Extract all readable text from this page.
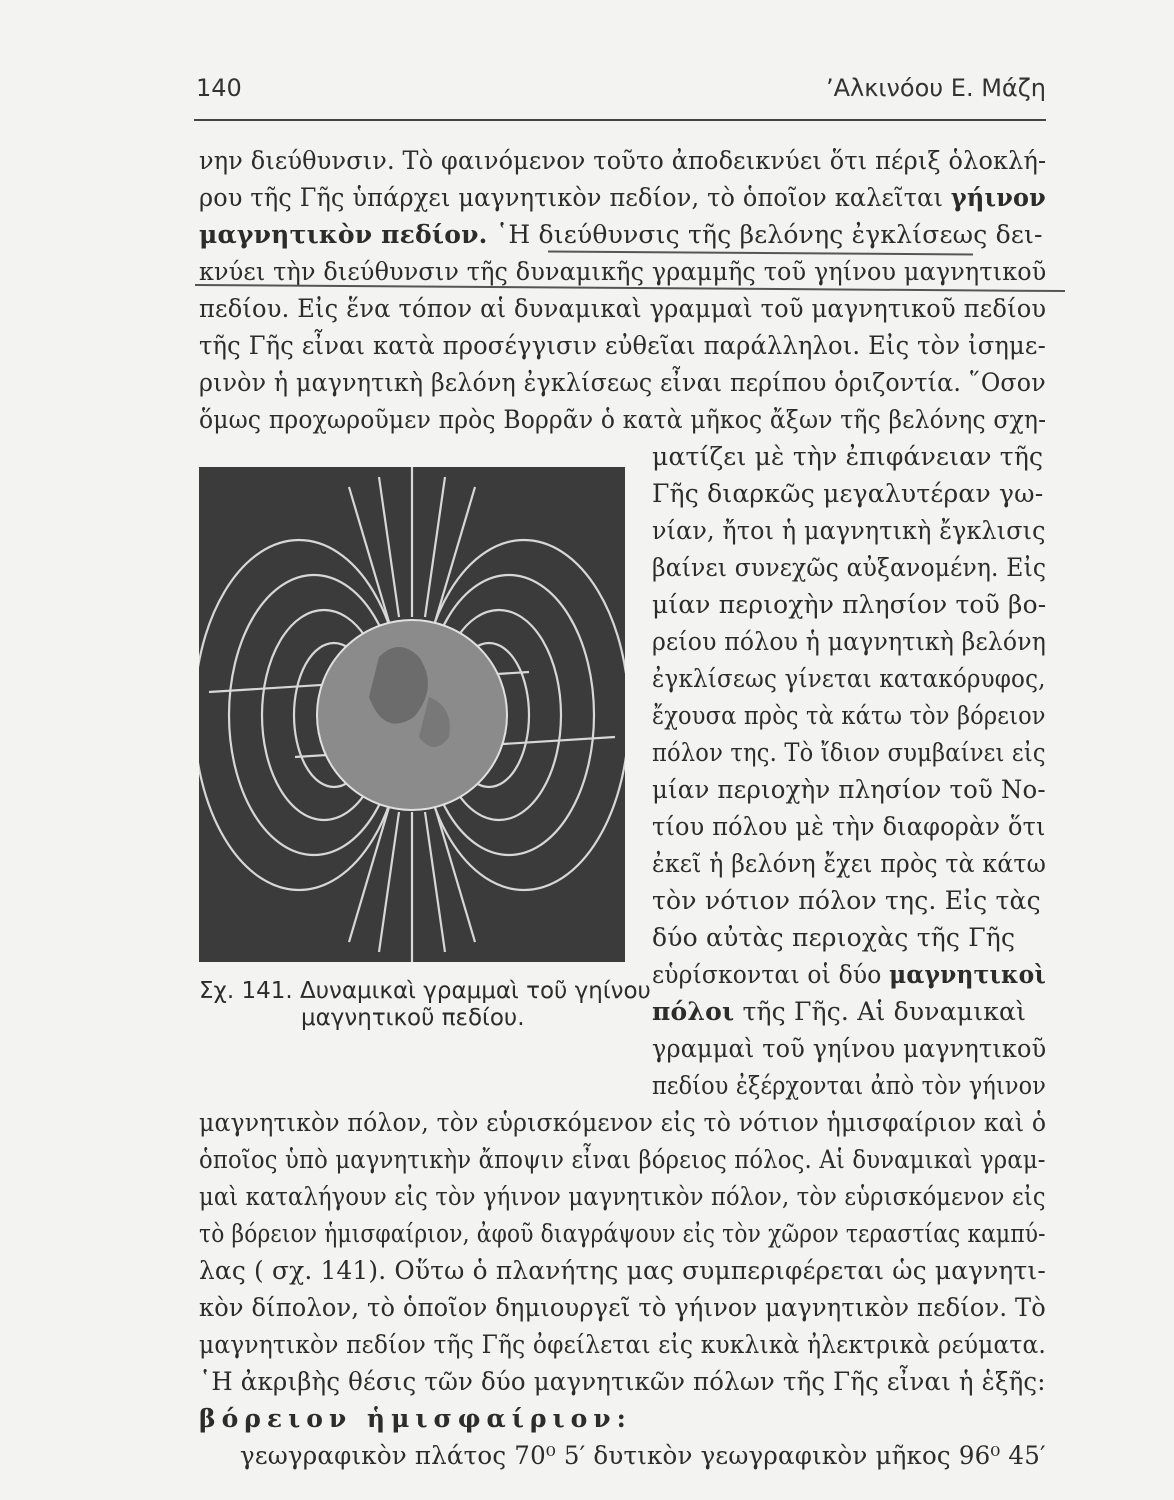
140	’Αλκινόου Ε. Μάζη
νην διεύθυνσιν. Τὸ φαινόμενον τοῦτο ἀποδεικνύει ὅτι πέριξ ὁλοκλή-
ρου τῆς Γῆς ὑπάρχει μαγνητικὸν πεδίον, τὸ ὁποῖον καλεῖται γήινον
μαγνητικὸν πεδίον. ῾Η διεύθυνσις τῆς βελόνης ἐγκλίσεως δει-
κνύει τὴν διεύθυνσιν τῆς δυναμικῆς γραμμῆς τοῦ γηίνου μαγνητικοῦ
πεδίου. Εἰς ἕνα τόπον αἱ δυναμικαὶ γραμμαὶ τοῦ μαγνητικοῦ πεδίου
τῆς Γῆς εἶναι κατὰ προσέγγισιν εὐθεῖαι παράλληλοι. Εἰς τὸν ἰσημε-
ρινὸν ἡ μαγνητικὴ βελόνη ἐγκλίσεως εἶναι περίπου ὁριζοντία. ῞Οσον
ὅμως προχωροῦμεν πρὸς Βορρᾶν ὁ κατὰ μῆκος ἄξων τῆς βελόνης σχη-
Σχ. 141. Δυναμικαὶ γραμμαὶ τοῦ γηίνου
μαγνητικοῦ πεδίου.
ματίζει μὲ τὴν ἐπιφάνειαν τῆς
Γῆς διαρκῶς μεγαλυτέραν γω-
νίαν, ἤτοι ἡ μαγνητικὴ ἔγκλισις
βαίνει συνεχῶς αὐξανομένη. Εἰς
μίαν περιοχὴν πλησίον τοῦ βο-
ρείου πόλου ἡ μαγνητικὴ βελόνη
ἐγκλίσεως γίνεται κατακόρυφος,
ἔχουσα πρὸς τὰ κάτω τὸν βόρειον
πόλον της. Τὸ ἴδιον συμβαίνει εἰς
μίαν περιοχὴν πλησίον τοῦ Νο-
τίου πόλου μὲ τὴν διαφορὰν ὅτι
ἐκεῖ ἡ βελόνη ἔχει πρὸς τὰ κάτω
τὸν νότιον πόλον της. Εἰς τὰς
δύο αὐτὰς περιοχὰς τῆς Γῆς
εὑρίσκονται οἱ δύο μαγνητικοὶ
πόλοι τῆς Γῆς. Αἱ δυναμικαὶ
γραμμαὶ τοῦ γηίνου μαγνητικοῦ
πεδίου ἐξέρχονται ἀπὸ τὸν γήινον
μαγνητικὸν πόλον, τὸν εὑρισκόμενον εἰς τὸ νότιον ἡμισφαίριον καὶ ὁ
ὁποῖος ὑπὸ μαγνητικὴν ἄποψιν εἶναι βόρειος πόλος. Αἱ δυναμικαὶ γραμ-
μαὶ καταλήγουν εἰς τὸν γήινον μαγνητικὸν πόλον, τὸν εὑρισκόμενον εἰς
τὸ βόρειον ἡμισφαίριον, ἀφοῦ διαγράψουν εἰς τὸν χῶρον τεραστίας καμπύ-
λας ( σχ. 141). Οὕτω ὁ πλανήτης μας συμπεριφέρεται ὡς μαγνητι-
κὸν δίπολον, τὸ ὁποῖον δημιουργεῖ τὸ γήινον μαγνητικὸν πεδίον. Τὸ
μαγνητικὸν πεδίον τῆς Γῆς ὀφείλεται εἰς κυκλικὰ ἠλεκτρικὰ ρεύματα.
῾Η ἀκριβὴς θέσις τῶν δύο μαγνητικῶν πόλων τῆς Γῆς εἶναι ἡ ἑξῆς:
βόρειον ἡμισφαίριον:
γεωγραφικὸν πλάτος 70⁰ 5′ δυτικὸν γεωγραφικὸν μῆκος 96⁰ 45′
